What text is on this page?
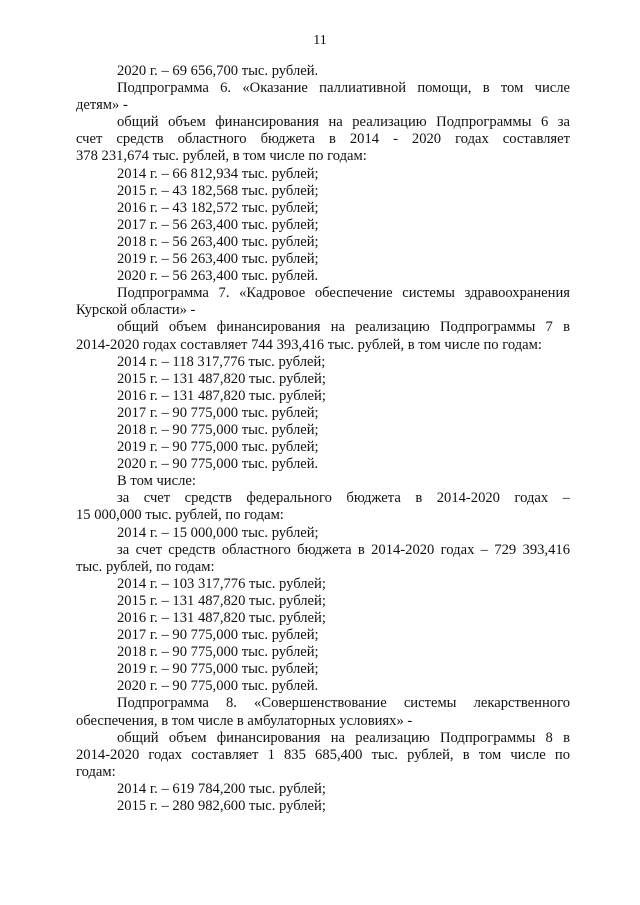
11
2020 г. – 69 656,700 тыс. рублей.
Подпрограмма 6. «Оказание паллиативной помощи, в том числе
детям» -
общий объем финансирования на реализацию Подпрограммы 6 за
счет средств областного бюджета в 2014 - 2020 годах составляет
378 231,674 тыс. рублей, в том числе по годам:
2014 г. – 66 812,934 тыс. рублей;
2015 г. – 43 182,568 тыс. рублей;
2016 г. – 43 182,572 тыс. рублей;
2017 г. – 56 263,400 тыс. рублей;
2018 г. – 56 263,400 тыс. рублей;
2019 г. – 56 263,400 тыс. рублей;
2020 г. – 56 263,400 тыс. рублей.
Подпрограмма 7. «Кадровое обеспечение системы здравоохранения
Курской области» -
общий объем финансирования на реализацию Подпрограммы 7 в
2014-2020 годах составляет 744 393,416 тыс. рублей, в том числе по годам:
2014 г. – 118 317,776 тыс. рублей;
2015 г. – 131 487,820 тыс. рублей;
2016 г. – 131 487,820 тыс. рублей;
2017 г. – 90 775,000 тыс. рублей;
2018 г. – 90 775,000 тыс. рублей;
2019 г. – 90 775,000 тыс. рублей;
2020 г. – 90 775,000 тыс. рублей.
В том числе:
за счет средств федерального бюджета в 2014-2020 годах –
15 000,000 тыс. рублей, по годам:
2014 г. – 15 000,000 тыс. рублей;
за счет средств областного бюджета в 2014-2020 годах – 729 393,416
тыс. рублей, по годам:
2014 г. – 103 317,776 тыс. рублей;
2015 г. – 131 487,820 тыс. рублей;
2016 г. – 131 487,820 тыс. рублей;
2017 г. – 90 775,000 тыс. рублей;
2018 г. – 90 775,000 тыс. рублей;
2019 г. – 90 775,000 тыс. рублей;
2020 г. – 90 775,000 тыс. рублей.
Подпрограмма 8. «Совершенствование системы лекарственного
обеспечения, в том числе в амбулаторных условиях» -
общий объем финансирования на реализацию Подпрограммы 8 в
2014-2020 годах составляет 1 835 685,400 тыс. рублей, в том числе по
годам:
2014 г. – 619 784,200 тыс. рублей;
2015 г. – 280 982,600 тыс. рублей;
